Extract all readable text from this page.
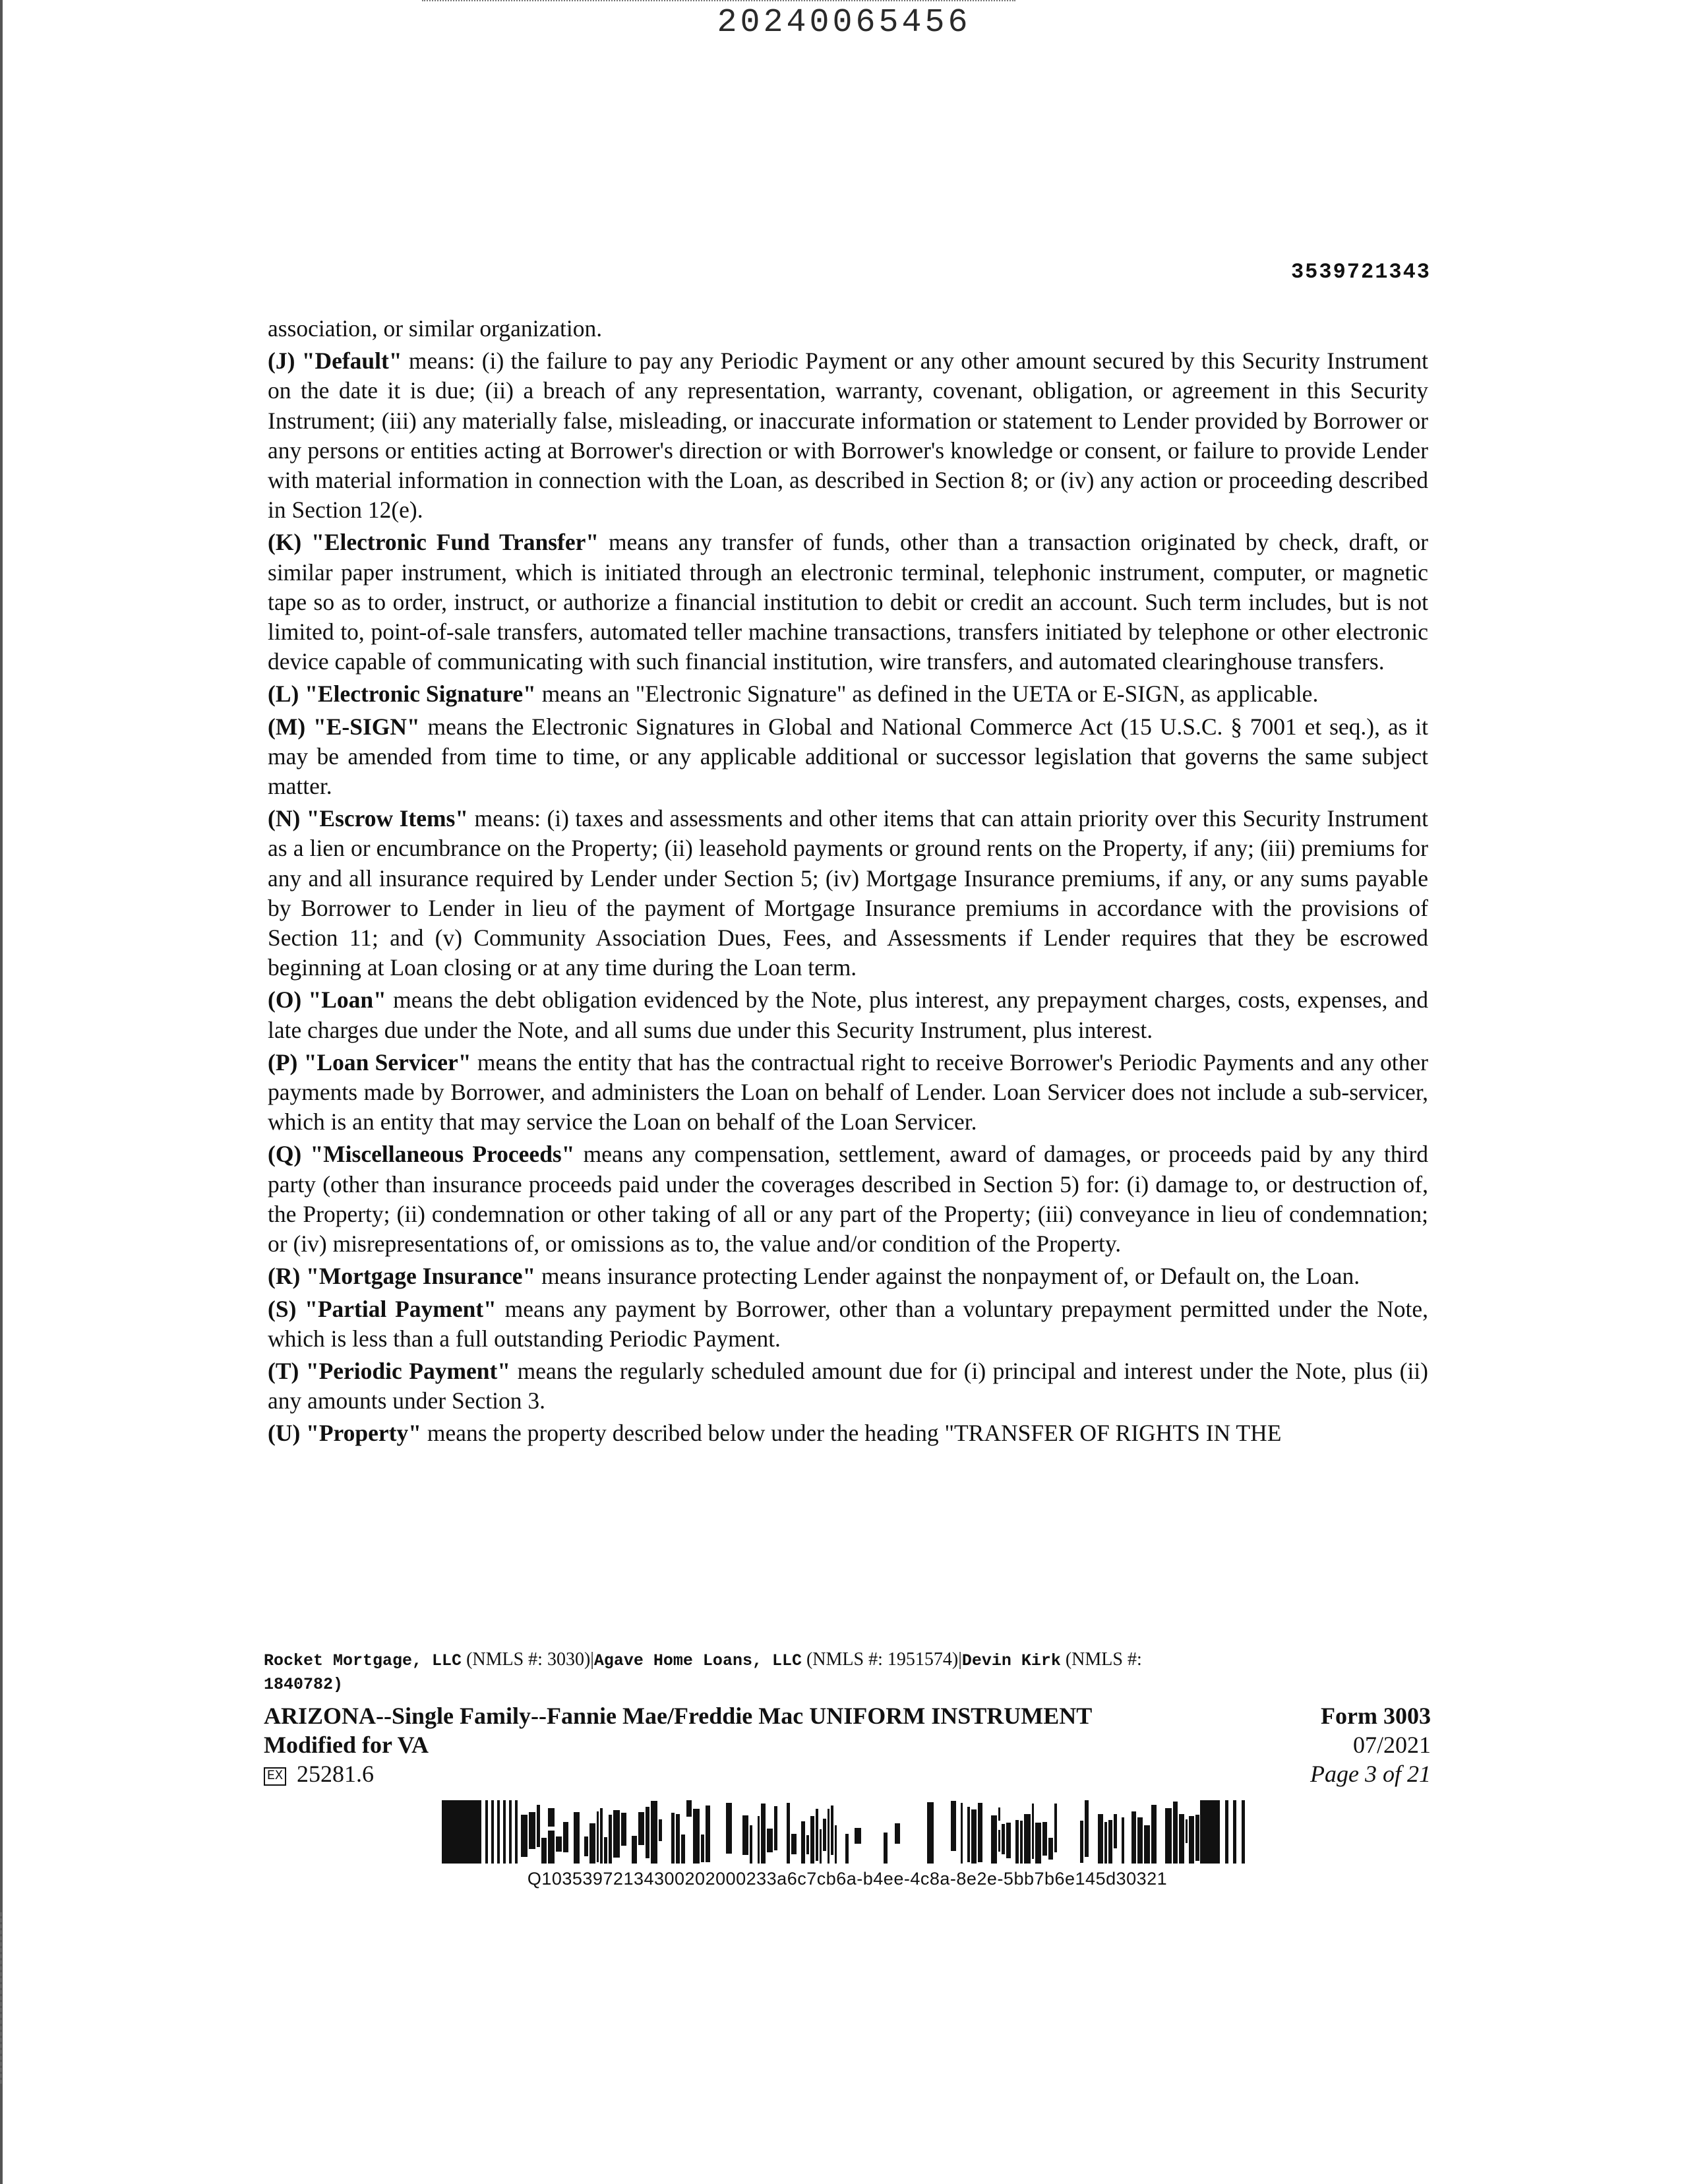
20240065456
3539721343

association, or similar organization.

(J) "Default" means: (i) the failure to pay any Periodic Payment or any other amount secured by this Security Instrument on the date it is due; (ii) a breach of any representation, warranty, covenant, obligation, or agreement in this Security Instrument; (iii) any materially false, misleading, or inaccurate information or statement to Lender provided by Borrower or any persons or entities acting at Borrower's direction or with Borrower's knowledge or consent, or failure to provide Lender with material information in connection with the Loan, as described in Section 8; or (iv) any action or proceeding described in Section 12(e).

(K) "Electronic Fund Transfer" means any transfer of funds, other than a transaction originated by check, draft, or similar paper instrument, which is initiated through an electronic terminal, telephonic instrument, computer, or magnetic tape so as to order, instruct, or authorize a financial institution to debit or credit an account. Such term includes, but is not limited to, point-of-sale transfers, automated teller machine transactions, transfers initiated by telephone or other electronic device capable of communicating with such financial institution, wire transfers, and automated clearinghouse transfers.

(L) "Electronic Signature" means an "Electronic Signature" as defined in the UETA or E-SIGN, as applicable.

(M) "E-SIGN" means the Electronic Signatures in Global and National Commerce Act (15 U.S.C. § 7001 et seq.), as it may be amended from time to time, or any applicable additional or successor legislation that governs the same subject matter.

(N) "Escrow Items" means: (i) taxes and assessments and other items that can attain priority over this Security Instrument as a lien or encumbrance on the Property; (ii) leasehold payments or ground rents on the Property, if any; (iii) premiums for any and all insurance required by Lender under Section 5; (iv) Mortgage Insurance premiums, if any, or any sums payable by Borrower to Lender in lieu of the payment of Mortgage Insurance premiums in accordance with the provisions of Section 11; and (v) Community Association Dues, Fees, and Assessments if Lender requires that they be escrowed beginning at Loan closing or at any time during the Loan term.

(O) "Loan" means the debt obligation evidenced by the Note, plus interest, any prepayment charges, costs, expenses, and late charges due under the Note, and all sums due under this Security Instrument, plus interest.

(P) "Loan Servicer" means the entity that has the contractual right to receive Borrower's Periodic Payments and any other payments made by Borrower, and administers the Loan on behalf of Lender. Loan Servicer does not include a sub-servicer, which is an entity that may service the Loan on behalf of the Loan Servicer.

(Q) "Miscellaneous Proceeds" means any compensation, settlement, award of damages, or proceeds paid by any third party (other than insurance proceeds paid under the coverages described in Section 5) for: (i) damage to, or destruction of, the Property; (ii) condemnation or other taking of all or any part of the Property; (iii) conveyance in lieu of condemnation; or (iv) misrepresentations of, or omissions as to, the value and/or condition of the Property.

(R) "Mortgage Insurance" means insurance protecting Lender against the nonpayment of, or Default on, the Loan.

(S) "Partial Payment" means any payment by Borrower, other than a voluntary prepayment permitted under the Note, which is less than a full outstanding Periodic Payment.

(T) "Periodic Payment" means the regularly scheduled amount due for (i) principal and interest under the Note, plus (ii) any amounts under Section 3.

(U) "Property" means the property described below under the heading "TRANSFER OF RIGHTS IN THE

Rocket Mortgage, LLC (NMLS #: 3030)|Agave Home Loans, LLC (NMLS #: 1951574)|Devin Kirk (NMLS #:
1840782)
ARIZONA--Single Family--Fannie Mae/Freddie Mac UNIFORM INSTRUMENT	Form 3003
Modified for VA	07/2021
EX 25281.6	Page 3 of 21
Q10353972134300202000233a6c7cb6a-b4ee-4c8a-8e2e-5bb7b6e145d30321
